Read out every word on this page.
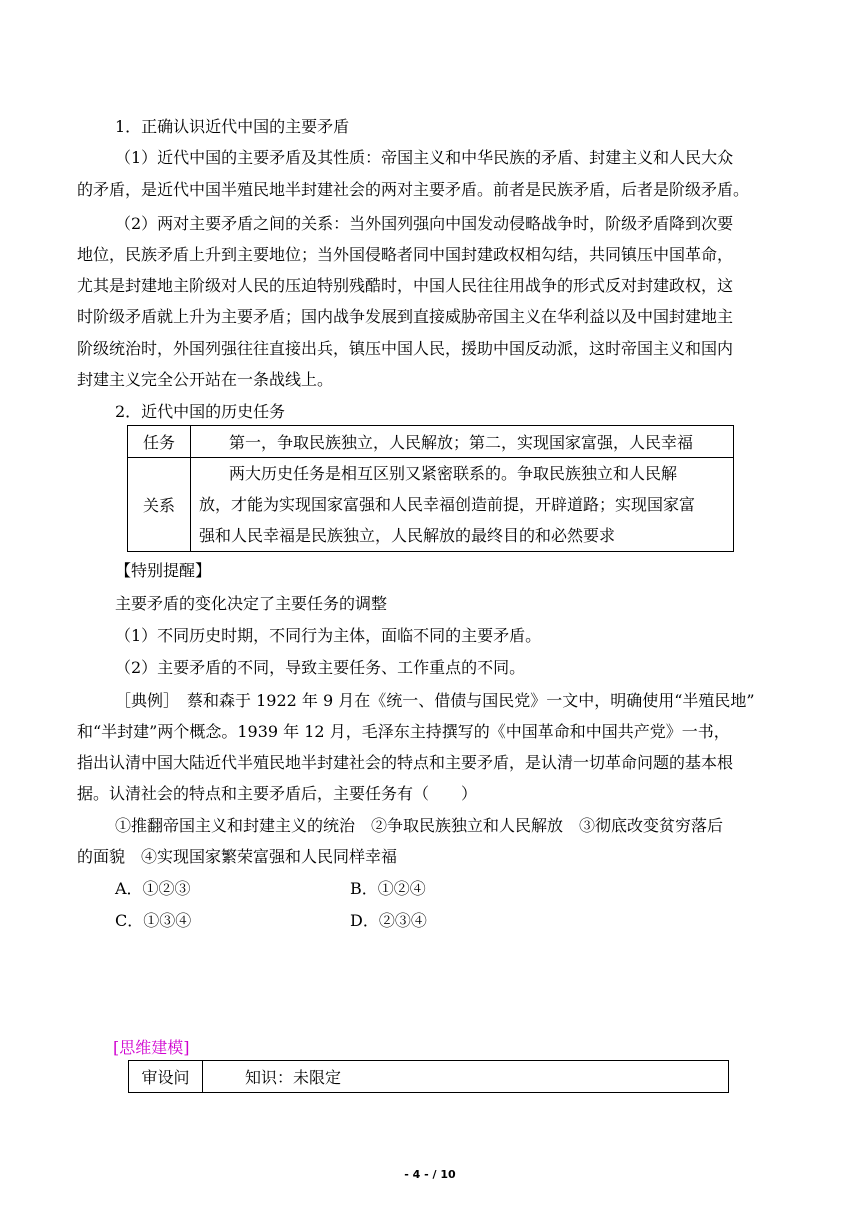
1．正确认识近代中国的主要矛盾
（1）近代中国的主要矛盾及其性质：帝国主义和中华民族的矛盾、封建主义和人民大众
的矛盾，是近代中国半殖民地半封建社会的两对主要矛盾。前者是民族矛盾，后者是阶级矛盾。
（2）两对主要矛盾之间的关系：当外国列强向中国发动侵略战争时，阶级矛盾降到次要
地位，民族矛盾上升到主要地位；当外国侵略者同中国封建政权相勾结，共同镇压中国革命，
尤其是封建地主阶级对人民的压迫特别残酷时，中国人民往往用战争的形式反对封建政权，这
时阶级矛盾就上升为主要矛盾；国内战争发展到直接威胁帝国主义在华利益以及中国封建地主
阶级统治时，外国列强往往直接出兵，镇压中国人民，援助中国反动派，这时帝国主义和国内
封建主义完全公开站在一条战线上。
2．近代中国的历史任务
任务	第一，争取民族独立，人民解放；第二，实现国家富强，人民幸福
关系	两大历史任务是相互区别又紧密联系的。争取民族独立和人民解
放，才能为实现国家富强和人民幸福创造前提，开辟道路；实现国家富
强和人民幸福是民族独立，人民解放的最终目的和必然要求
【特别提醒】
主要矛盾的变化决定了主要任务的调整
（1）不同历史时期，不同行为主体，面临不同的主要矛盾。
（2）主要矛盾的不同，导致主要任务、工作重点的不同。
［典例］　蔡和森于 1922 年 9 月在《统一、借债与国民党》一文中，明确使用“半殖民地”
和“半封建”两个概念。1939 年 12 月，毛泽东主持撰写的《中国革命和中国共产党》一书，
指出认清中国大陆近代半殖民地半封建社会的特点和主要矛盾，是认清一切革命问题的基本根
据。认清社会的特点和主要矛盾后，主要任务有（　　）
①推翻帝国主义和封建主义的统治　②争取民族独立和人民解放　③彻底改变贫穷落后
的面貌　④实现国家繁荣富强和人民同样幸福
A．①②③	B．①②④
C．①③④	D．②③④
[思维建模]
审设问	知识：未限定
- 4 - / 10
